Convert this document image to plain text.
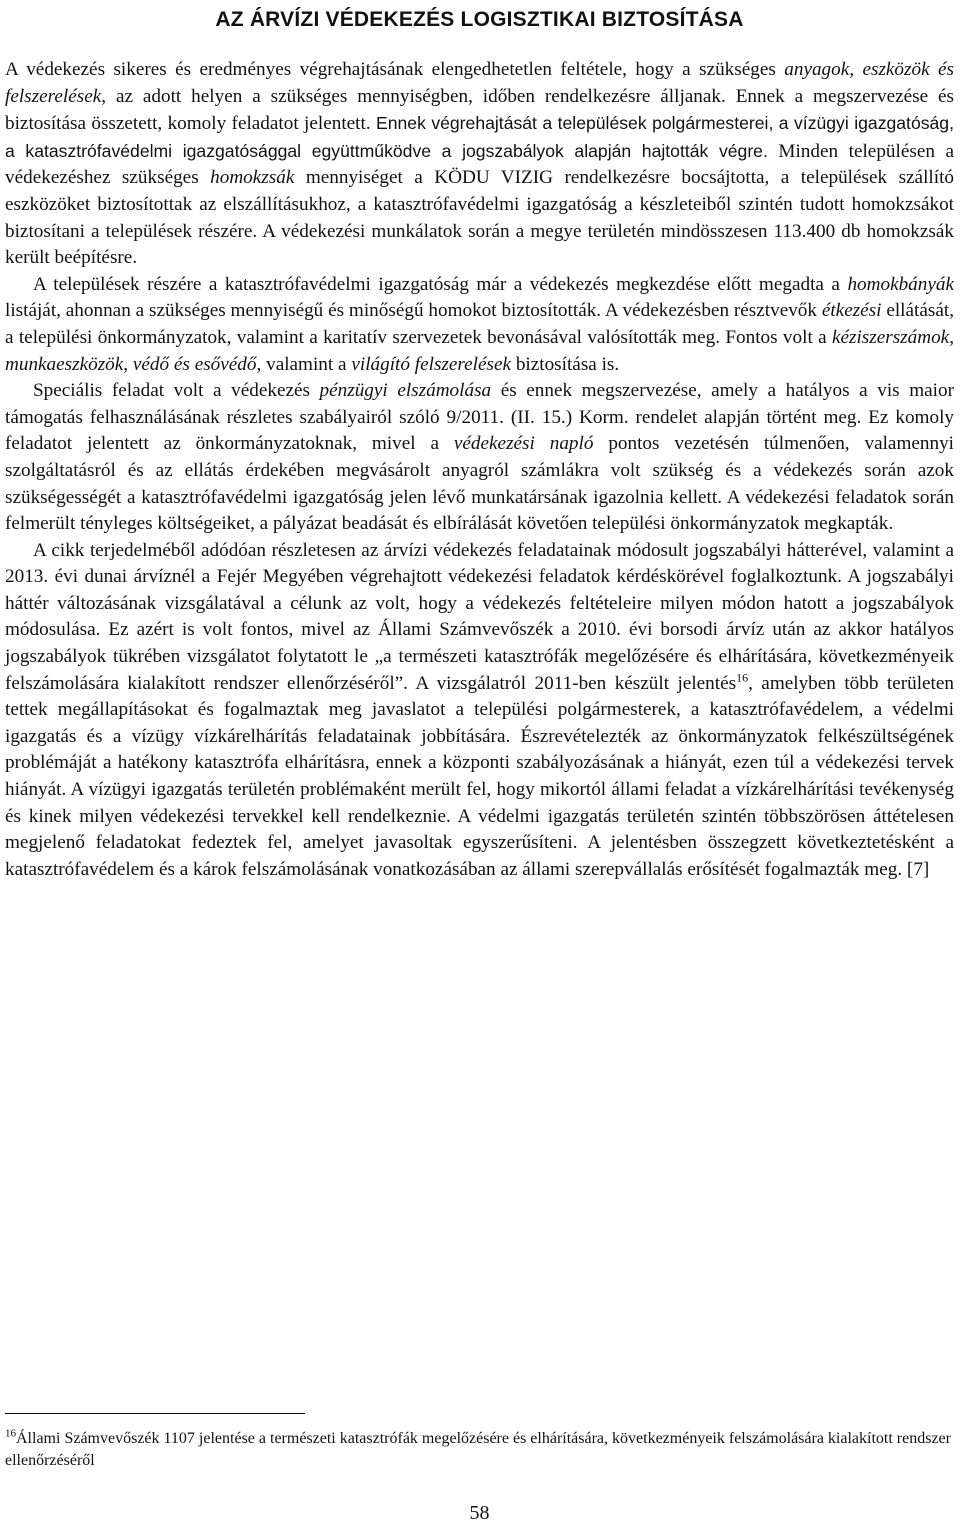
AZ ÁRVÍZI VÉDEKEZÉS LOGISZTIKAI BIZTOSÍTÁSA

A védekezés sikeres és eredményes végrehajtásának elengedhetetlen feltétele, hogy a szükséges anyagok, eszközök és felszerelések, az adott helyen a szükséges mennyiségben, időben rendelkezésre álljanak. Ennek a megszervezése és biztosítása összetett, komoly feladatot jelentett. Ennek végrehajtását a települések polgármesterei, a vízügyi igazgatóság, a katasztrófavédelmi igazgatósággal együttműködve a jogszabályok alapján hajtották végre. Minden településen a védekezéshez szükséges homokzsák mennyiséget a KÖDU VIZIG rendelkezésre bocsájtotta, a települések szállító eszközöket biztosítottak az elszállításukhoz, a katasztrófavédelmi igazgatóság a készleteiből szintén tudott homokzsákot biztosítani a települések részére. A védekezési munkálatok során a megye területén mindösszesen 113.400 db homokzsák került beépítésre.

A települések részére a katasztrófavédelmi igazgatóság már a védekezés megkezdése előtt megadta a homokbányák listáját, ahonnan a szükséges mennyiségű és minőségű homokot biztosították. A védekezésben résztvevők étkezési ellátását, a települési önkormányzatok, valamint a karitatív szervezetek bevonásával valósították meg. Fontos volt a kéziszerszámok, munkaeszközök, védő és esővédő, valamint a világító felszerelések biztosítása is.

Speciális feladat volt a védekezés pénzügyi elszámolása és ennek megszervezése, amely a hatályos a vis maior támogatás felhasználásának részletes szabályairól szóló 9/2011. (II. 15.) Korm. rendelet alapján történt meg. Ez komoly feladatot jelentett az önkormányzatoknak, mivel a védekezési napló pontos vezetésén túlmenően, valamennyi szolgáltatásról és az ellátás érdekében megvásárolt anyagról számlákra volt szükség és a védekezés során azok szükségességét a katasztrófavédelmi igazgatóság jelen lévő munkatársának igazolnia kellett. A védekezési feladatok során felmerült tényleges költségeiket, a pályázat beadását és elbírálását követően települési önkormányzatok megkapták.

A cikk terjedelméből adódóan részletesen az árvízi védekezés feladatainak módosult jogszabályi hátterével, valamint a 2013. évi dunai árvíznél a Fejér Megyében végrehajtott védekezési feladatok kérdéskörével foglalkoztunk. A jogszabályi háttér változásának vizsgálatával a célunk az volt, hogy a védekezés feltételeire milyen módon hatott a jogszabályok módosulása. Ez azért is volt fontos, mivel az Állami Számvevőszék a 2010. évi borsodi árvíz után az akkor hatályos jogszabályok tükrében vizsgálatot folytatott le „a természeti katasztrófák megelőzésére és elhárítására, következményeik felszámolására kialakított rendszer ellenőrzéséről”. A vizsgálatról 2011-ben készült jelentés$^{16}$, amelyben több területen tettek megállapításokat és fogalmaztak meg javaslatot a települési polgármesterek, a katasztrófavédelem, a védelmi igazgatás és a vízügy vízkárelhárítás feladatainak jobbítására. Észrevételezték az önkormányzatok felkészültségének problémáját a hatékony katasztrófa elhárításra, ennek a központi szabályozásának a hiányát, ezen túl a védekezési tervek hiányát. A vízügyi igazgatás területén problémaként merült fel, hogy mikortól állami feladat a vízkárelhárítási tevékenység és kinek milyen védekezési tervekkel kell rendelkeznie. A védelmi igazgatás területén szintén többszörösen áttételesen megjelenő feladatokat fedeztek fel, amelyet javasoltak egyszerűsíteni. A jelentésben összegzett következtetésként a katasztrófavédelem és a károk felszámolásának vonatkozásában az állami szerepvállalás erősítését fogalmazták meg. [7]

$^{16}$Állami Számvevőszék 1107 jelentése a természeti katasztrófák megelőzésére és elhárítására, következményeik felszámolására kialakított rendszer ellenőrzéséről
58
